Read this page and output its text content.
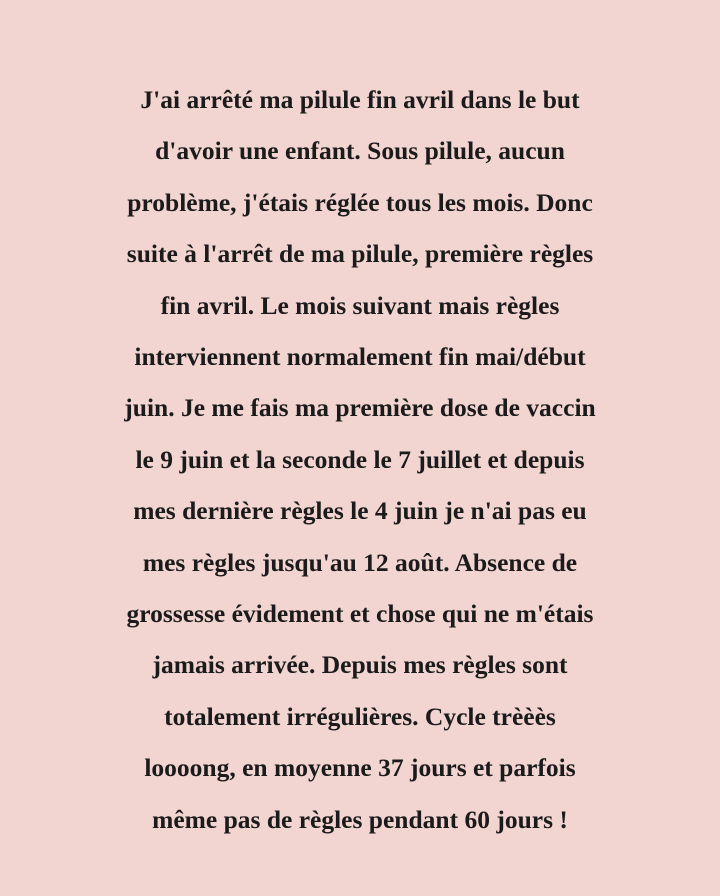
J'ai arrêté ma pilule fin avril dans le but
d'avoir une enfant. Sous pilule, aucun
problème, j'étais réglée tous les mois. Donc
suite à l'arrêt de ma pilule, première règles
fin avril. Le mois suivant mais règles
interviennent normalement fin mai/début
juin. Je me fais ma première dose de vaccin
le 9 juin et la seconde le 7 juillet et depuis
mes dernière règles le 4 juin je n'ai pas eu
mes règles jusqu'au 12 août. Absence de
grossesse évidement et chose qui ne m'étais
jamais arrivée. Depuis mes règles sont
totalement irrégulières. Cycle trèèès
loooong, en moyenne 37 jours et parfois
même pas de règles pendant 60 jours !
